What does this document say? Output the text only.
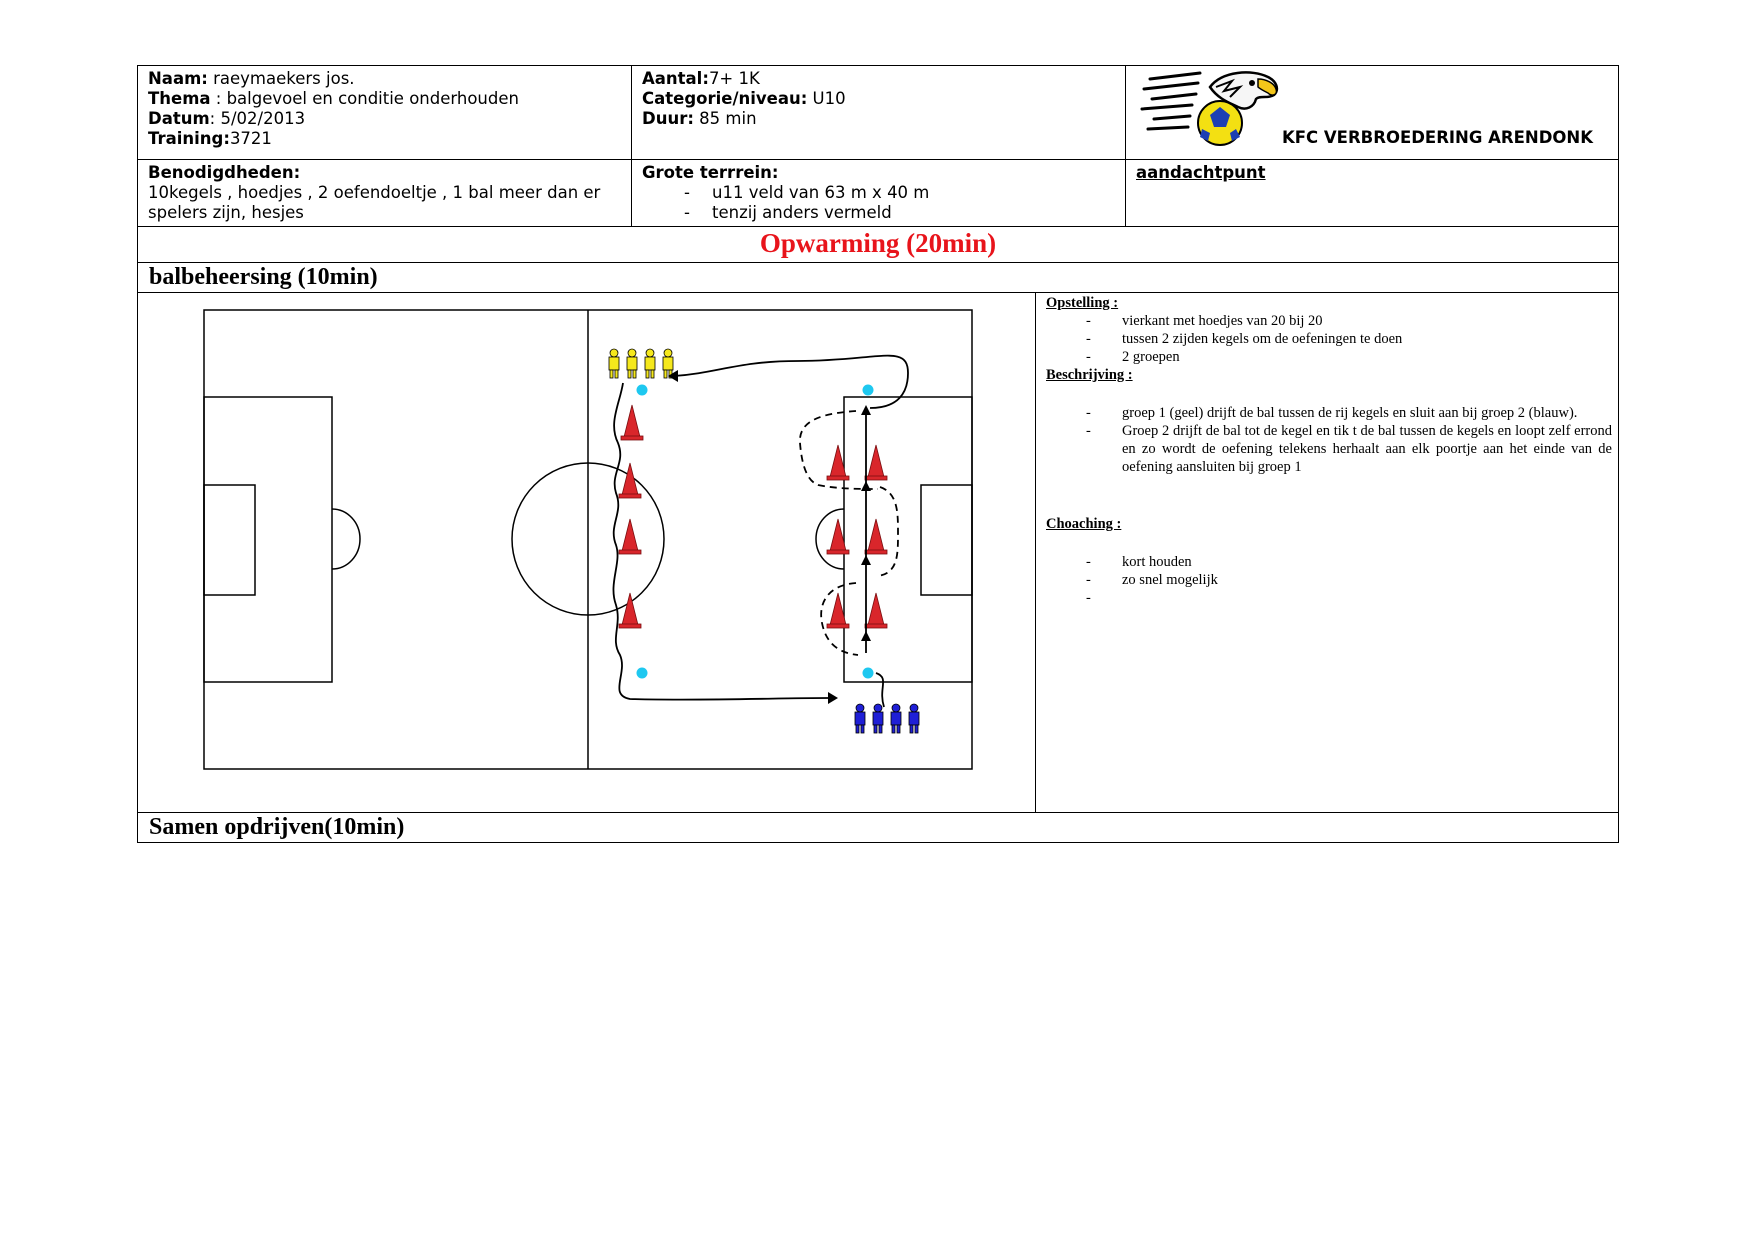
Naam: raeymaekers jos.
Thema : balgevoel en conditie onderhouden
Datum: 5/02/2013
Training:3721
Aantal:7+ 1K
Categorie/niveau: U10
Duur: 85 min
KFC VERBROEDERING ARENDONK
Benodigdheden:
10kegels , hoedjes , 2 oefendoeltje , 1 bal meer dan er spelers zijn, hesjes
Grote terrrein:
- u11 veld van 63 m x 40 m
- tenzij anders vermeld
aandachtpunt
Opwarming (20min)
balbeheersing (10min)
Opstelling :
- vierkant met hoedjes van 20 bij 20
- tussen 2 zijden kegels om de oefeningen te doen
- 2 groepen
Beschrijving :
- groep 1 (geel) drijft de bal tussen de rij kegels en sluit aan bij groep 2 (blauw).
- Groep 2 drijft de bal tot de kegel en tik t de bal tussen de kegels en loopt zelf errond en zo wordt de oefening telekens herhaalt aan elk poortje aan het einde van de oefening aansluiten bij groep 1
Choaching :
- kort houden
- zo snel mogelijk
-
Samen opdrijven(10min)
